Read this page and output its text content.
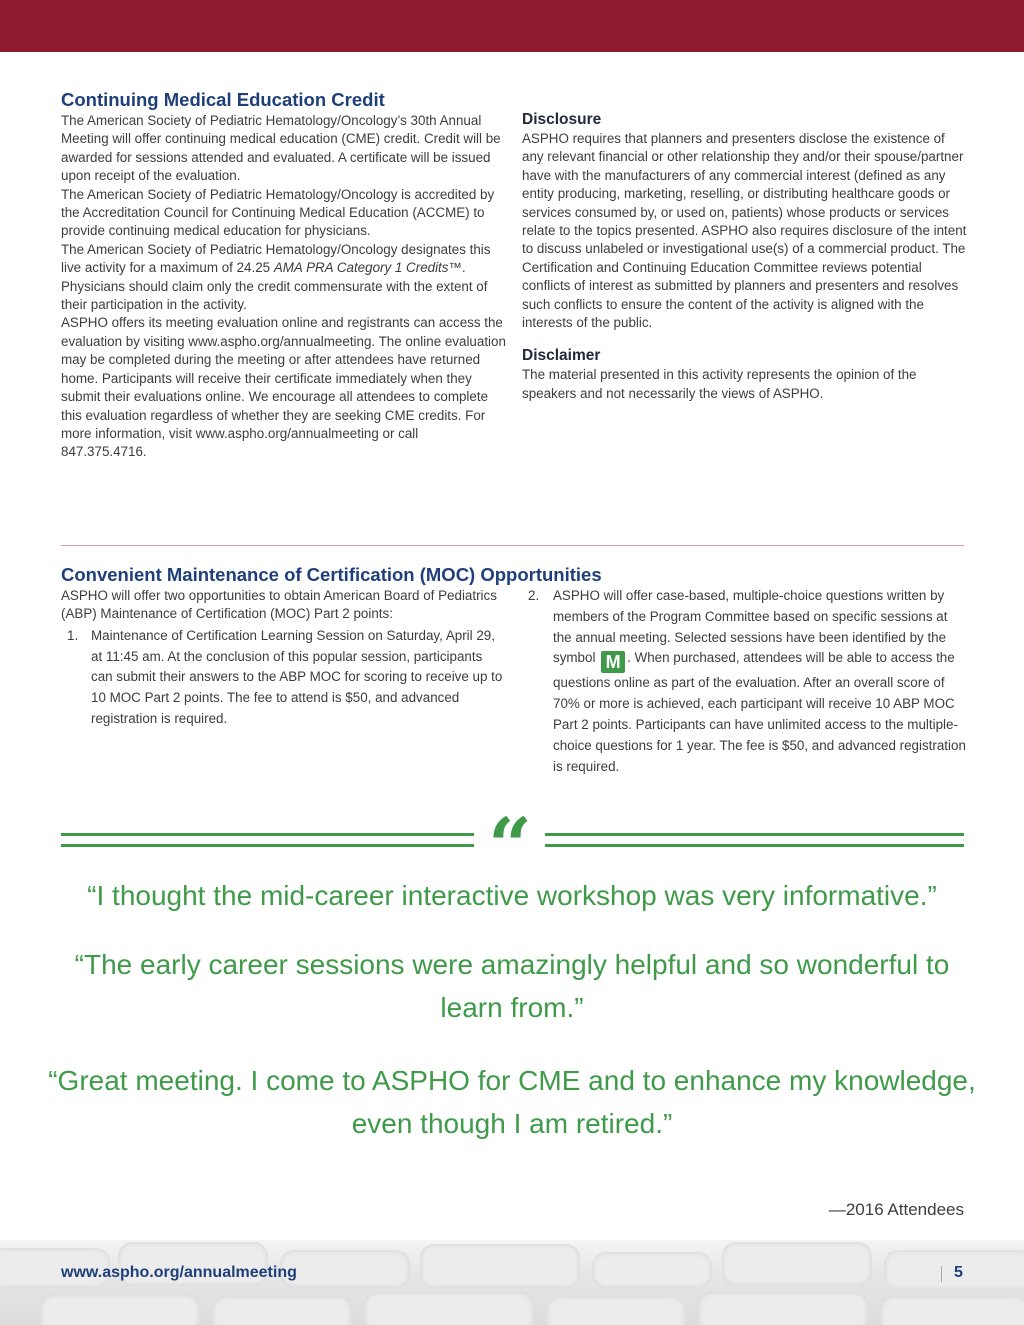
Continuing Medical Education Credit

The American Society of Pediatric Hematology/Oncology’s 30th Annual Meeting will offer continuing medical education (CME) credit. Credit will be awarded for sessions attended and evaluated. A certificate will be issued upon receipt of the evaluation.

The American Society of Pediatric Hematology/Oncology is accredited by the Accreditation Council for Continuing Medical Education (ACCME) to provide continuing medical education for physicians.

The American Society of Pediatric Hematology/Oncology designates this live activity for a maximum of 24.25 AMA PRA Category 1 Credits™. Physicians should claim only the credit commensurate with the extent of their participation in the activity.

ASPHO offers its meeting evaluation online and registrants can access the evaluation by visiting www.aspho.org/annualmeeting. The online evaluation may be completed during the meeting or after attendees have returned home. Participants will receive their certificate immediately when they submit their evaluations online. We encourage all attendees to complete this evaluation regardless of whether they are seeking CME credits. For more information, visit www.aspho.org/annualmeeting or call 847.375.4716.

Disclosure

ASPHO requires that planners and presenters disclose the existence of any relevant financial or other relationship they and/or their spouse/partner have with the manufacturers of any commercial interest (defined as any entity producing, marketing, reselling, or distributing healthcare goods or services consumed by, or used on, patients) whose products or services relate to the topics presented. ASPHO also requires disclosure of the intent to discuss unlabeled or investigational use(s) of a commercial product. The Certification and Continuing Education Committee reviews potential conflicts of interest as submitted by planners and presenters and resolves such conflicts to ensure the content of the activity is aligned with the interests of the public.

Disclaimer

The material presented in this activity represents the opinion of the speakers and not necessarily the views of ASPHO.

Convenient Maintenance of Certification (MOC) Opportunities

ASPHO will offer two opportunities to obtain American Board of Pediatrics (ABP) Maintenance of Certification (MOC) Part 2 points:

1. Maintenance of Certification Learning Session on Saturday, April 29, at 11:45 am. At the conclusion of this popular session, participants can submit their answers to the ABP MOC for scoring to receive up to 10 MOC Part 2 points. The fee to attend is $50, and advanced registration is required.
2. ASPHO will offer case-based, multiple-choice questions written by members of the Program Committee based on specific sessions at the annual meeting. Selected sessions have been identified by the symbol M . When purchased, attendees will be able to access the questions online as part of the evaluation. After an overall score of 70% or more is achieved, each participant will receive 10 ABP MOC Part 2 points. Participants can have unlimited access to the multiple-choice questions for 1 year. The fee is $50, and advanced registration is required.
“

“I thought the mid-career interactive workshop was very informative.”

“The early career sessions were amazingly helpful and so wonderful to learn from.”

“Great meeting. I come to ASPHO for CME and to enhance my knowledge, even though I am retired.”

—2016 Attendees
www.aspho.org/annualmeeting	5
